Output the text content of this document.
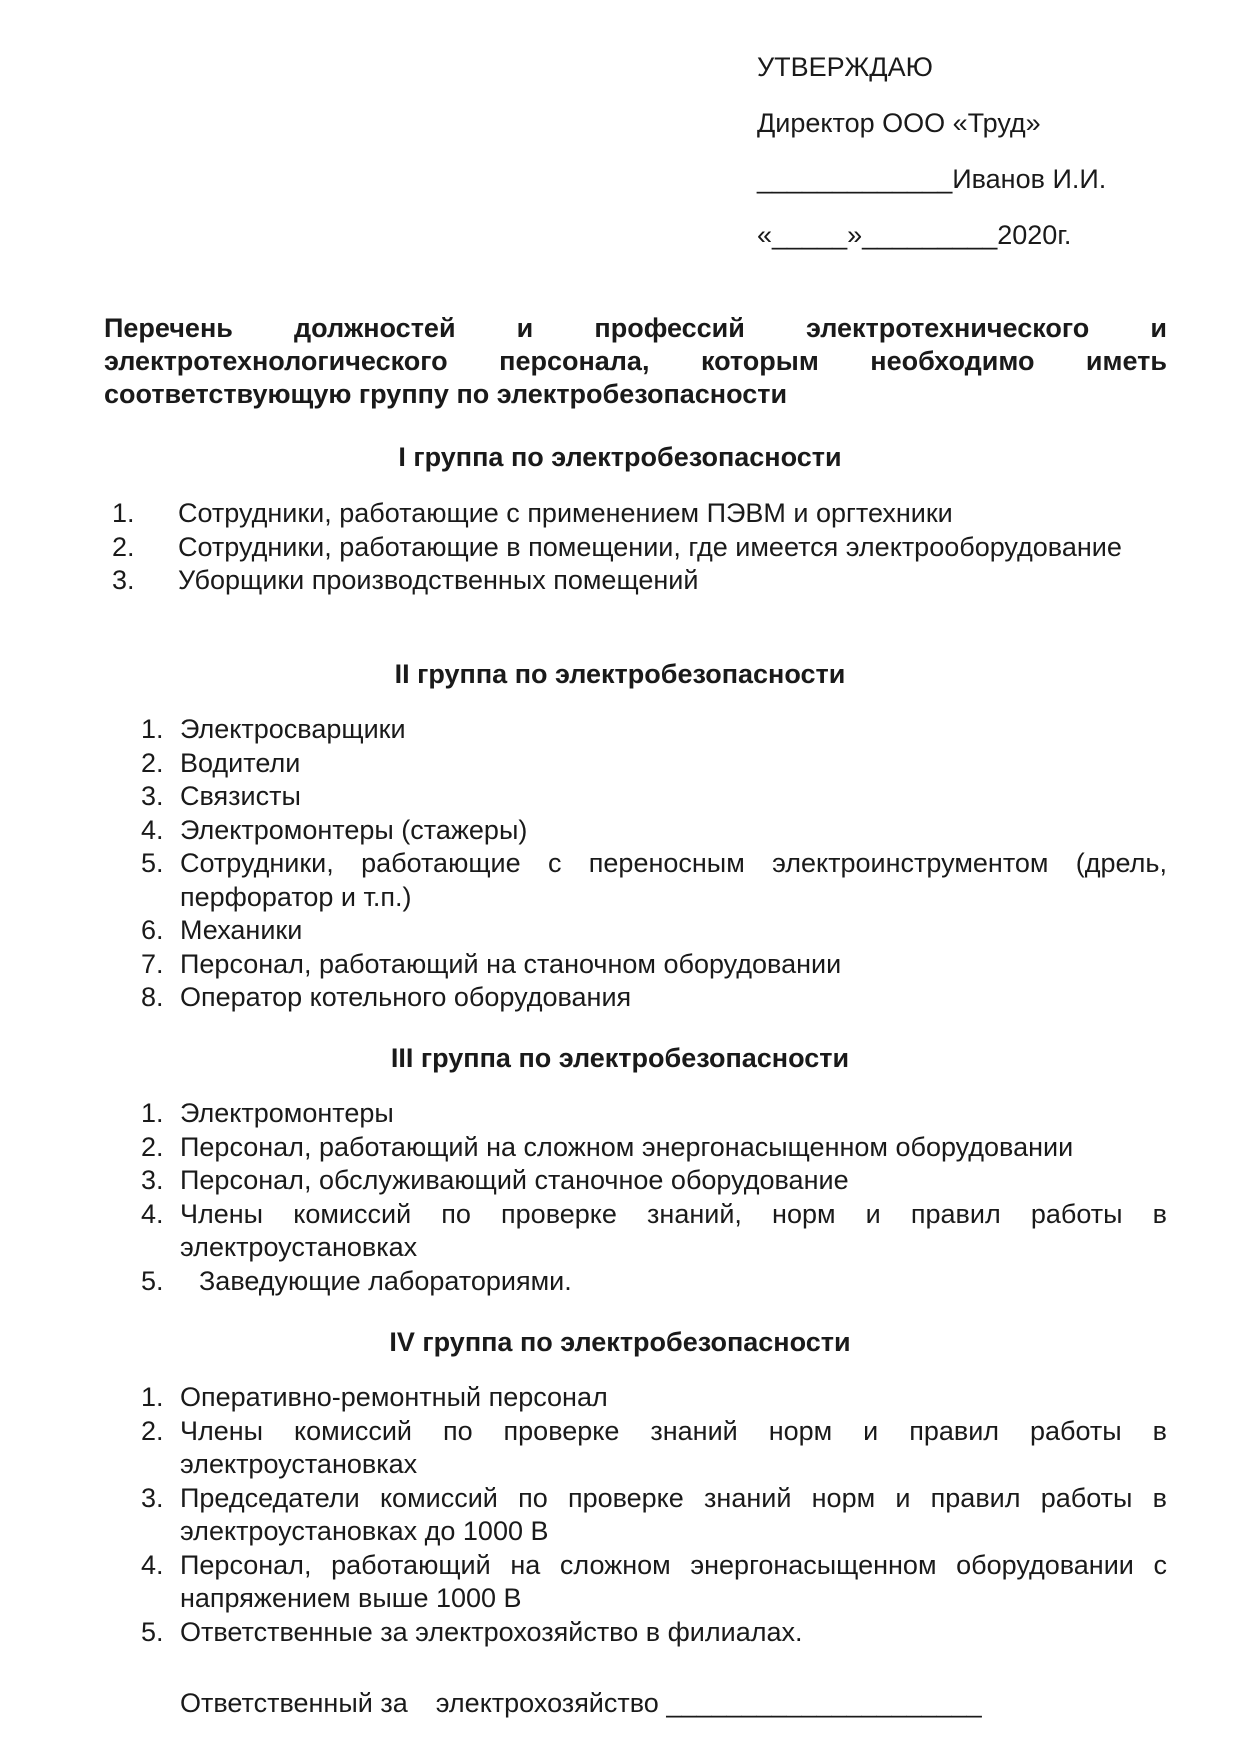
УТВЕРЖДАЮ
Директор ООО «Труд»
_____________Иванов И.И.
«_____»_________2020г.
Перечень должностей и профессий электротехнического и электротехнологического персонала, которым необходимо иметь соответствующую группу по электробезопасности
I группа по электробезопасности
1. Сотрудники, работающие с применением ПЭВМ и оргтехники
2. Сотрудники, работающие в помещении, где имеется электрооборудование
3. Уборщики производственных помещений
II группа по электробезопасности
1. Электросварщики
2. Водители
3. Связисты
4. Электромонтеры (стажеры)
5. Сотрудники, работающие с переносным электроинструментом (дрель, перфоратор и т.п.)
6. Механики
7. Персонал, работающий на станочном оборудовании
8. Оператор котельного оборудования
III группа по электробезопасности
1. Электромонтеры
2. Персонал, работающий на сложном энергонасыщенном оборудовании
3. Персонал, обслуживающий станочное оборудование
4. Члены комиссий по проверке знаний, норм и правил работы в электроустановках
5. Заведующие лабораториями.
IV группа по электробезопасности
1. Оперативно-ремонтный персонал
2. Члены комиссий по проверке знаний норм и правил работы в электроустановках
3. Председатели комиссий по проверке знаний норм и правил работы в электроустановках до 1000 В
4. Персонал, работающий на сложном энергонасыщенном оборудовании с напряжением выше 1000 В
5. Ответственные за электрохозяйство в филиалах.
Ответственный за электрохозяйство _____________________
